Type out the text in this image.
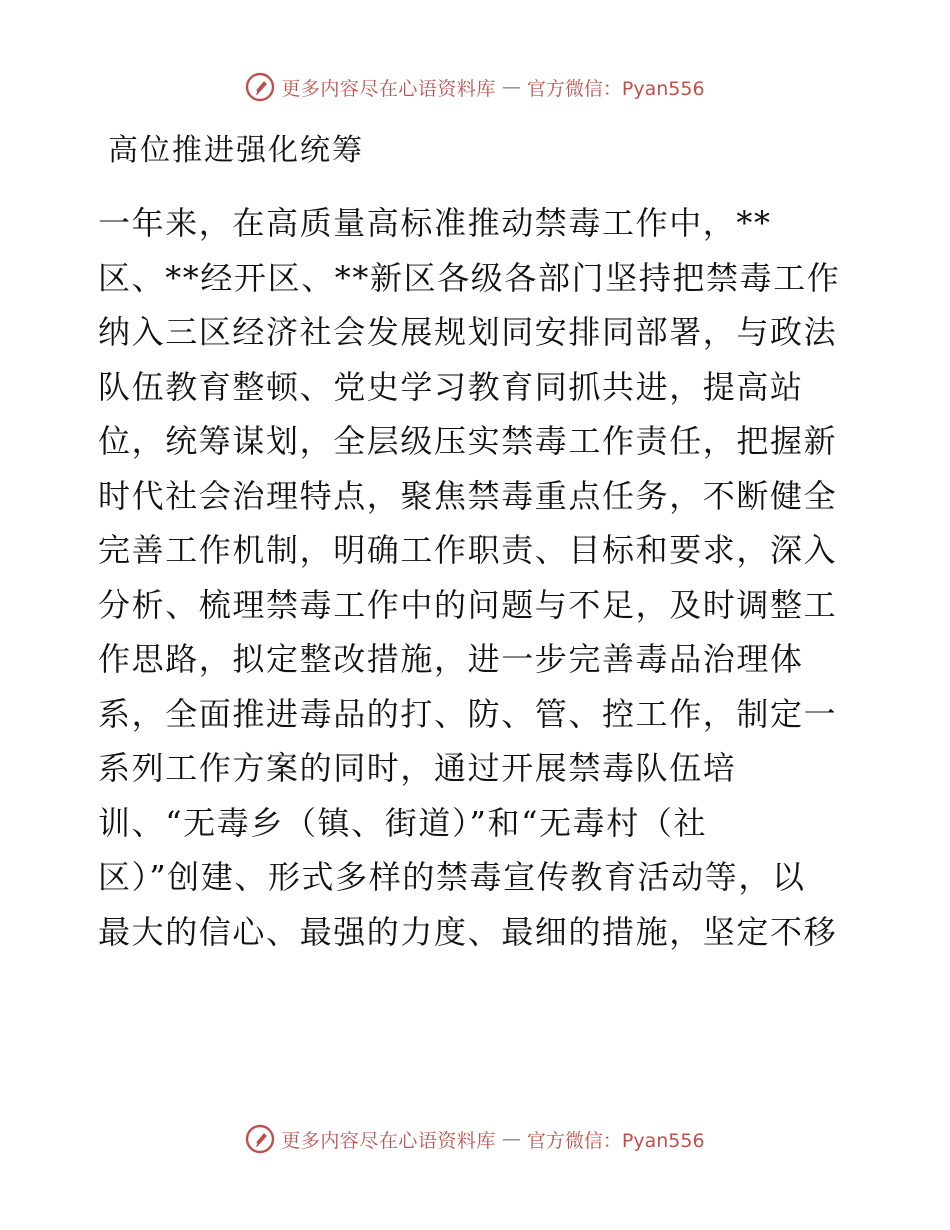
更多内容尽在心语资料库 — 官方微信：Pyan556
高位推进强化统筹
一年来，在高质量高标准推动禁毒工作中，**
区、**经开区、**新区各级各部门坚持把禁毒工作
纳入三区经济社会发展规划同安排同部署，与政法
队伍教育整顿、党史学习教育同抓共进，提高站
位，统筹谋划，全层级压实禁毒工作责任，把握新
时代社会治理特点，聚焦禁毒重点任务，不断健全
完善工作机制，明确工作职责、目标和要求，深入
分析、梳理禁毒工作中的问题与不足，及时调整工
作思路，拟定整改措施，进一步完善毒品治理体
系，全面推进毒品的打、防、管、控工作，制定一
系列工作方案的同时，通过开展禁毒队伍培
训、“无毒乡（镇、街道）”和“无毒村（社
区）”创建、形式多样的禁毒宣传教育活动等，以
最大的信心、最强的力度、最细的措施，坚定不移
更多内容尽在心语资料库 — 官方微信：Pyan556
